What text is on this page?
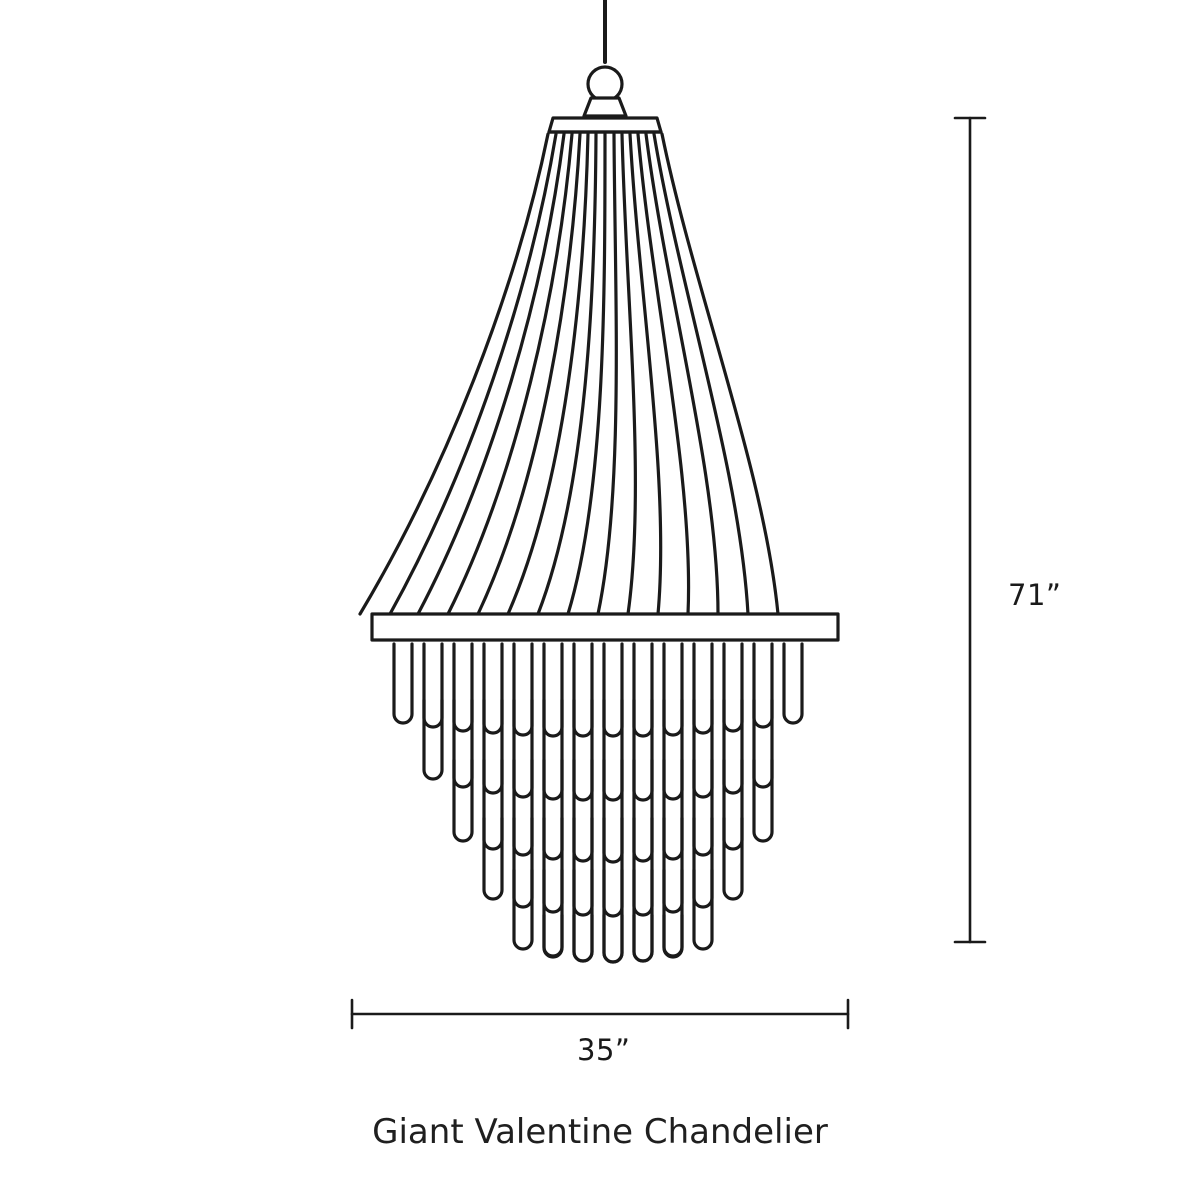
71”
35”
Giant Valentine Chandelier
